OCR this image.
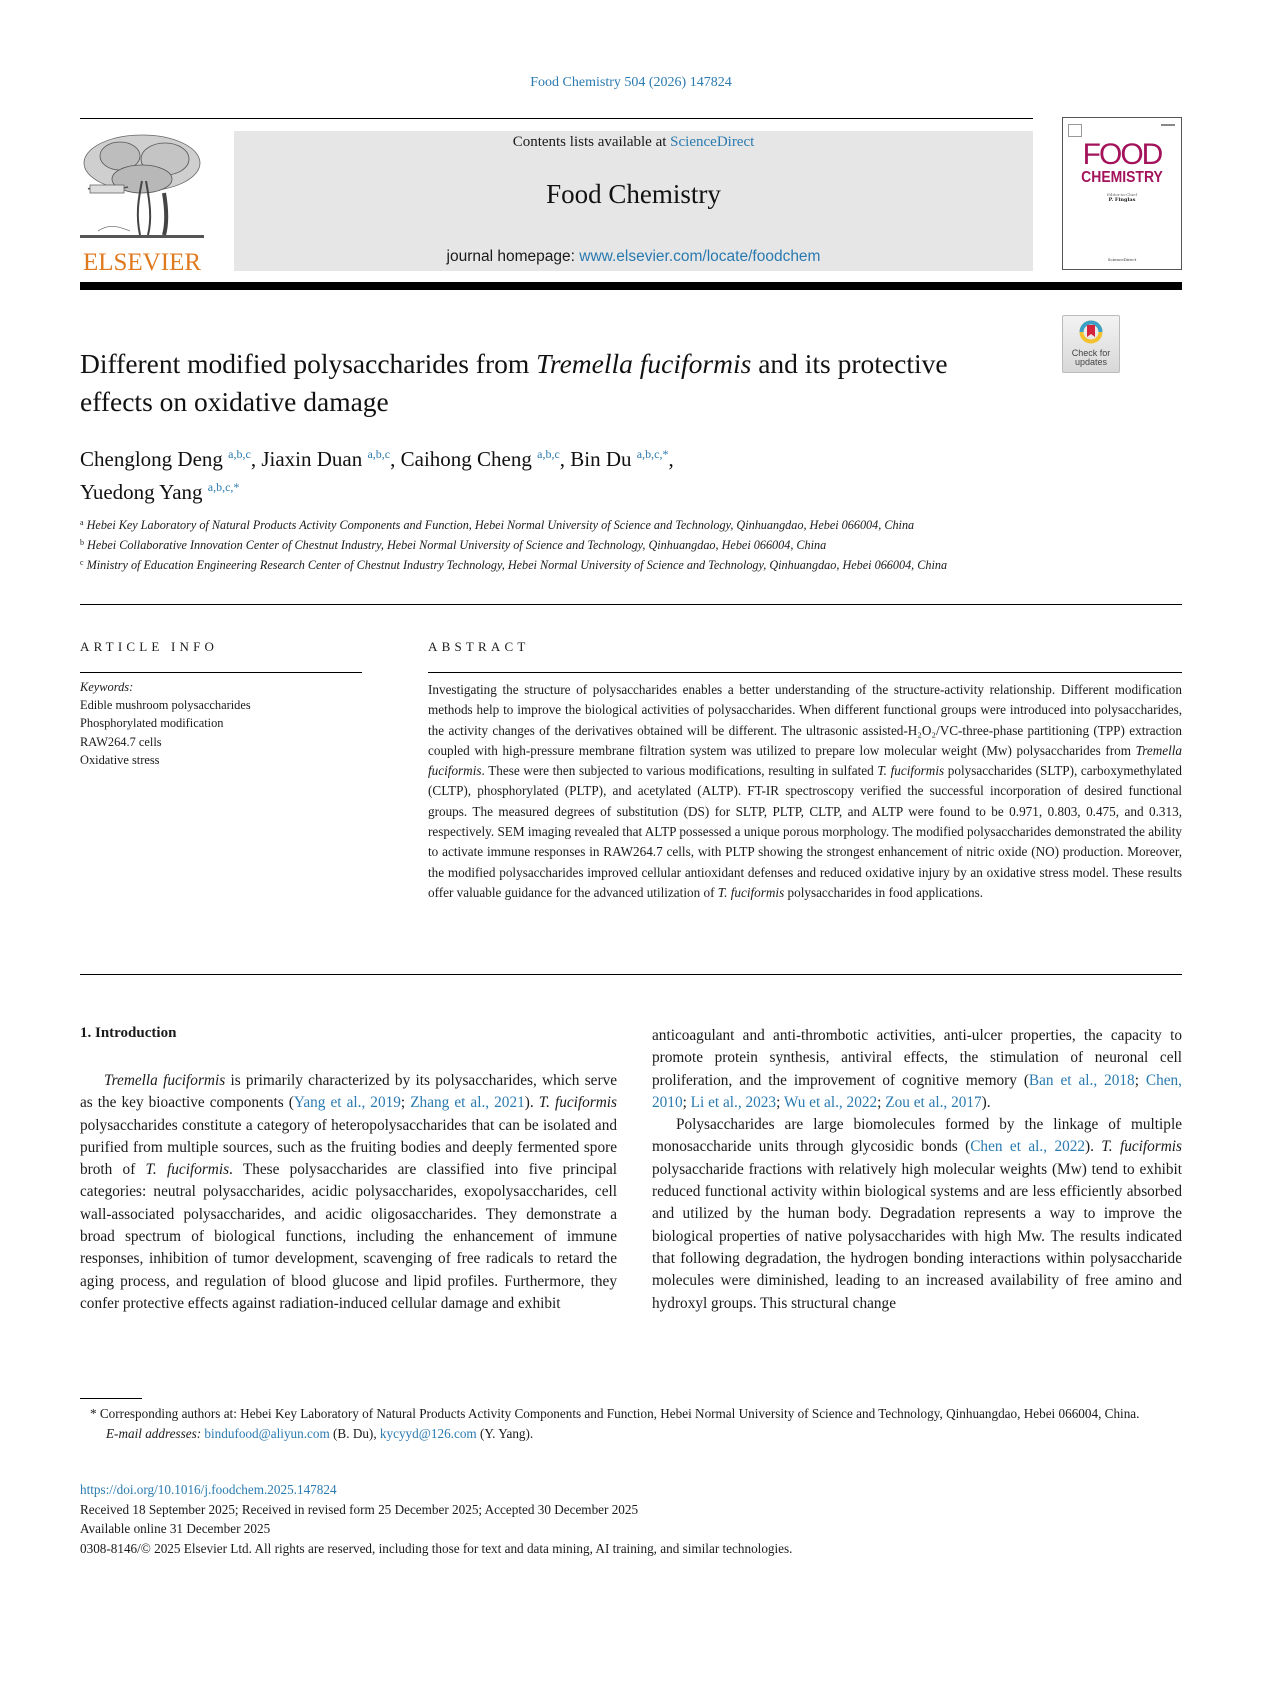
Food Chemistry 504 (2026) 147824
ELSEVIER
Contents lists available at ScienceDirect
Food Chemistry
journal homepage: www.elsevier.com/locate/foodchem
FOOD
CHEMISTRY
Editor-in-Chief
P. Finglas
ScienceDirect
Check for
updates
Different modified polysaccharides from Tremella fuciformis and its protective effects on oxidative damage
Chenglong Deng $^{a,b,c}$, Jiaxin Duan $^{a,b,c}$, Caihong Cheng $^{a,b,c}$, Bin Du $^{a,b,c,*}$,
Yuedong Yang $^{a,b,c,*}$
$^a$ Hebei Key Laboratory of Natural Products Activity Components and Function, Hebei Normal University of Science and Technology, Qinhuangdao, Hebei 066004, China
$^b$ Hebei Collaborative Innovation Center of Chestnut Industry, Hebei Normal University of Science and Technology, Qinhuangdao, Hebei 066004, China
$^c$ Ministry of Education Engineering Research Center of Chestnut Industry Technology, Hebei Normal University of Science and Technology, Qinhuangdao, Hebei 066004, China
ARTICLE INFO
Keywords:
Edible mushroom polysaccharides
Phosphorylated modification
RAW264.7 cells
Oxidative stress
ABSTRACT
Investigating the structure of polysaccharides enables a better understanding of the structure-activity relationship. Different modification methods help to improve the biological activities of polysaccharides. When different functional groups were introduced into polysaccharides, the activity changes of the derivatives obtained will be different. The ultrasonic assisted-H₂O₂/VC-three-phase partitioning (TPP) extraction coupled with high-pressure membrane filtration system was utilized to prepare low molecular weight (Mw) polysaccharides from Tremella fuciformis. These were then subjected to various modifications, resulting in sulfated T. fuciformis polysaccharides (SLTP), carboxymethylated (CLTP), phosphorylated (PLTP), and acetylated (ALTP). FT-IR spectroscopy verified the successful incorporation of desired functional groups. The measured degrees of substitution (DS) for SLTP, PLTP, CLTP, and ALTP were found to be 0.971, 0.803, 0.475, and 0.313, respectively. SEM imaging revealed that ALTP possessed a unique porous morphology. The modified polysaccharides demonstrated the ability to activate immune responses in RAW264.7 cells, with PLTP showing the strongest enhancement of nitric oxide (NO) production. Moreover, the modified polysaccharides improved cellular antioxidant defenses and reduced oxidative injury by an oxidative stress model. These results offer valuable guidance for the advanced utilization of T. fuciformis polysaccharides in food applications.
1. Introduction

Tremella fuciformis is primarily characterized by its polysaccharides, which serve as the key bioactive components (Yang et al., 2019; Zhang et al., 2021). T. fuciformis polysaccharides constitute a category of heteropolysaccharides that can be isolated and purified from multiple sources, such as the fruiting bodies and deeply fermented spore broth of T. fuciformis. These polysaccharides are classified into five principal categories: neutral polysaccharides, acidic polysaccharides, exopolysaccharides, cell wall-associated polysaccharides, and acidic oligosaccharides. They demonstrate a broad spectrum of biological functions, including the enhancement of immune responses, inhibition of tumor development, scavenging of free radicals to retard the aging process, and regulation of blood glucose and lipid profiles. Furthermore, they confer protective effects against radiation-induced cellular damage and exhibit

anticoagulant and anti-thrombotic activities, anti-ulcer properties, the capacity to promote protein synthesis, antiviral effects, the stimulation of neuronal cell proliferation, and the improvement of cognitive memory (Ban et al., 2018; Chen, 2010; Li et al., 2023; Wu et al., 2022; Zou et al., 2017).

Polysaccharides are large biomolecules formed by the linkage of multiple monosaccharide units through glycosidic bonds (Chen et al., 2022). T. fuciformis polysaccharide fractions with relatively high molecular weights (Mw) tend to exhibit reduced functional activity within biological systems and are less efficiently absorbed and utilized by the human body. Degradation represents a way to improve the biological properties of native polysaccharides with high Mw. The results indicated that following degradation, the hydrogen bonding interactions within polysaccharide molecules were diminished, leading to an increased availability of free amino and hydroxyl groups. This structural change

* Corresponding authors at: Hebei Key Laboratory of Natural Products Activity Components and Function, Hebei Normal University of Science and Technology, Qinhuangdao, Hebei 066004, China.
E-mail addresses: bindufood@aliyun.com (B. Du), kycyyd@126.com (Y. Yang).
https://doi.org/10.1016/j.foodchem.2025.147824
Received 18 September 2025; Received in revised form 25 December 2025; Accepted 30 December 2025
Available online 31 December 2025
0308-8146/© 2025 Elsevier Ltd. All rights are reserved, including those for text and data mining, AI training, and similar technologies.
